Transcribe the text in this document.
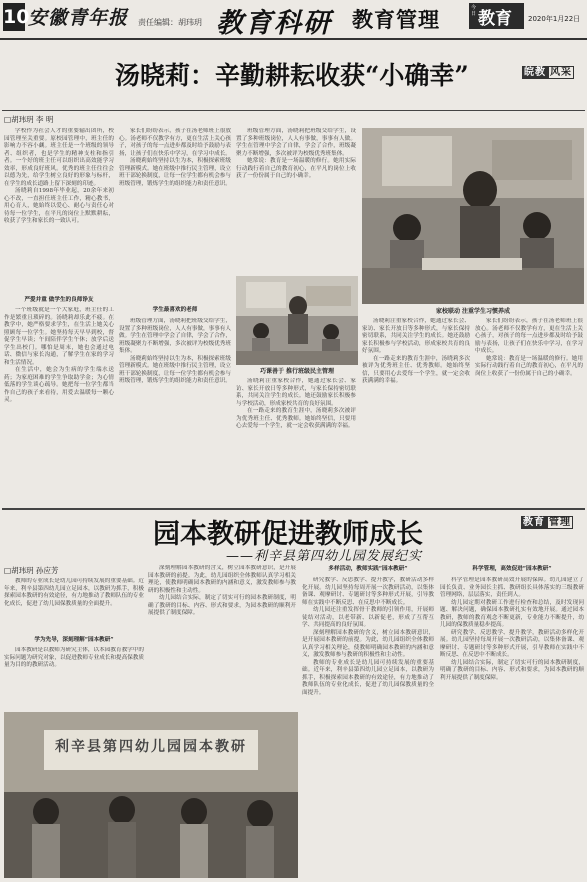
10
安徽青年报 责任编辑：胡玮玥 教育科研 教育管理	今日 教育 2020年1月22日
汤晓莉：辛勤耕耘收获“小确幸”	皖教 风采
□胡玮玥 李 明

学校作为社会人才的重要输出团所，校园管理至关重要。原校园管理中，班主任的影响力不容小觑。班主任是一个班级的领导者、组织者，也是学生的精神支柱和指引者。一个好的班主任可以组织出高效能学习效率，形成良好班风。优秀的班主任往往会以德为先，给学生树立良好的形象与标杆，在学生的成长道路上留下深刻的印迹。

汤晓莉自1998年毕业起，20余年来初心不改，一直担任班主任工作，精心教书，用心育人，她始终以爱心、耐心与责任心对待每一位学生，在平凡的岗位上默默耕耘，收获了学生和家长的一致认可。

严爱并重 做学生的良师诤友

一个班级就是一个大家庭，班主任的工作是繁重且琐碎的。汤晓莉却乐此不疲。在教学中，她严格要求学生，在生活上她关心照顾每一位学生。她坚持每天早早到校，督促学生早读；午间陪伴学生午休；放学后送学生出校门。哪怕是周末，她也会通过电话、微信与家长沟通，了解学生在家的学习和生活情况。

在生活中，她会为生病的学生端水送药；为家庭困难的学生争取助学金；为心情低落的学生谈心疏导。她把每一位学生都当作自己的孩子来看待，用爱去温暖每一颗心灵。

家长们纷纷表示，孩子在汤老师班上很放心。汤老师不仅教学有方，更在生活上关心孩子，对孩子的每一点进步都及时给予鼓励与表扬，让孩子们在快乐中学习，在学习中成长。

汤晓莉始终坚持以生为本，积极探索班级管理新模式。她在班级中推行民主管理，设立班干部轮换制度，让每一位学生都有机会参与班级管理，锻炼学生的组织能力和责任意识。

班级管理方面，汤晓莉把班级交给学生，设置了多种班级岗位，人人有事做，事事有人做。学生在管理中学会了自律，学会了合作，班级凝聚力不断增强，多次被评为校级优秀班集体。

她常说：教育是一场温暖的修行。她用实际行动践行着自己的教育初心，在平凡的岗位上收获了一份份属于自己的小确幸。

巧课善于 推行班级民主管理

学生最喜欢的老师

班级管理方面，汤晓莉把班级交给学生，设置了多种班级岗位，人人有事做，事事有人做。学生在管理中学会了自律，学会了合作，班级凝聚力不断增强，多次被评为校级优秀班集体。

汤晓莉始终坚持以生为本，积极探索班级管理新模式。她在班级中推行民主管理，设立班干部轮换制度，让每一位学生都有机会参与班级管理，锻炼学生的组织能力和责任意识。	汤晓莉注重家校合作，她通过家长会、家访、家长开放日等多种形式，与家长保持密切联系，共同关注学生的成长。她还鼓励家长积极参与学校活动，形成家校共育的良好氛围。

在一路走来的教育生涯中，汤晓莉多次被评为优秀班主任、优秀教师。她始终坚信，只要用心去爱每一个学生，就一定会收获满满的幸福。

家校联动 注重学生习惯养成

汤晓莉注重家校合作，她通过家长会、家访、家长开放日等多种形式，与家长保持密切联系，共同关注学生的成长。她还鼓励家长积极参与学校活动，形成家校共育的良好氛围。

在一路走来的教育生涯中，汤晓莉多次被评为优秀班主任、优秀教师。她始终坚信，只要用心去爱每一个学生，就一定会收获满满的幸福。

家长们纷纷表示，孩子在汤老师班上很放心。汤老师不仅教学有方，更在生活上关心孩子，对孩子的每一点进步都及时给予鼓励与表扬，让孩子们在快乐中学习，在学习中成长。

她常说：教育是一场温暖的修行。她用实际行动践行着自己的教育初心，在平凡的岗位上收获了一份份属于自己的小确幸。

园本教研促进教师成长
——利辛县第四幼儿园发展纪实
教育 管理
□胡玮玥 孙应芳

教师的专业成长是幼儿园可持续发展的重要基础。近年来，利辛县第四幼儿园立足园本，以教研为抓手，积极探索园本教研的有效途径，有力地推动了教师队伍的专业化成长，促进了幼儿园保教质量的全面提升。

学为先导，深刻理解“园本教研”

园本教研是以教师为研究主体，以本园教育教学中的实际问题为研究对象，以促进教师专业成长和提高保教质量为目的的教研活动。

深刻理解园本教研的含义，树立园本教研意识，是开展园本教研的前提。为此，幼儿园组织全体教师认真学习相关理论，使教师明确园本教研的内涵和意义，激发教师参与教研的积极性和主动性。

幼儿园结合实际，制定了切实可行的园本教研制度，明确了教研的目标、内容、形式和要求，为园本教研的顺利开展提供了制度保障。

多样活动，教师实践“园本教研”

研究教学、反思教学、提升教学，教研活动多样化开展。幼儿园坚持每周开展一次教研活动，以集体备课、观摩研讨、专题研讨等多种形式开展，引导教师在实践中不断反思、在反思中不断成长。

幼儿园还注重发挥骨干教师的引领作用，开展师徒结对活动，以老带新、以新促老，形成了互帮互学、共同提高的良好氛围。

深刻理解园本教研的含义，树立园本教研意识，是开展园本教研的前提。为此，幼儿园组织全体教师认真学习相关理论，使教师明确园本教研的内涵和意义，激发教师参与教研的积极性和主动性。

教师的专业成长是幼儿园可持续发展的重要基础。近年来，利辛县第四幼儿园立足园本，以教研为抓手，积极探索园本教研的有效途径，有力地推动了教师队伍的专业化成长，促进了幼儿园保教质量的全面提升。

科学管理，高效促进“园本教研”

科学管理是园本教研高效开展的保障。幼儿园建立了园长负责、业务园长主抓、教研组长具体落实的三级教研管理网络，层层落实，责任到人。

幼儿园定期对教研工作进行检查和总结，及时发现问题、解决问题，确保园本教研扎实有效地开展。通过园本教研，教师的教育观念不断更新，专业能力不断提升，幼儿园的保教质量稳步提高。

研究教学、反思教学、提升教学，教研活动多样化开展。幼儿园坚持每周开展一次教研活动，以集体备课、观摩研讨、专题研讨等多种形式开展，引导教师在实践中不断反思、在反思中不断成长。

幼儿园结合实际，制定了切实可行的园本教研制度，明确了教研的目标、内容、形式和要求，为园本教研的顺利开展提供了制度保障。

利辛县第四幼儿园园本教研
